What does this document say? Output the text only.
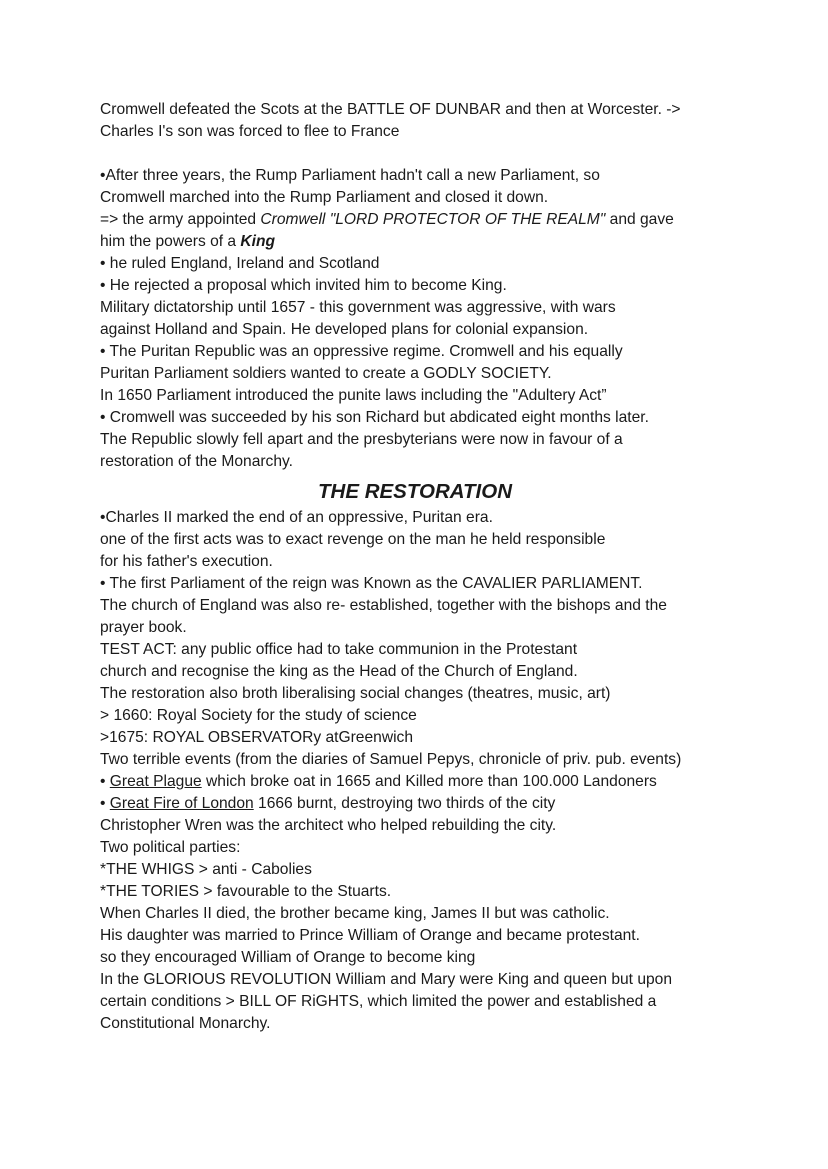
Cromwell defeated the Scots at the BATTLE OF DUNBAR and then at Worcester. ->
Charles I's son was forced to flee to France
•After three years, the Rump Parliament hadn't call a new Parliament, so
Cromwell marched into the Rump Parliament and closed it down.
=> the army appointed Cromwell "LORD PROTECTOR OF THE REALM" and gave
him the powers of a King
• he ruled England, Ireland and Scotland
• He rejected a proposal which invited him to become King.
Military dictatorship until 1657 - this government was aggressive, with wars
against Holland and Spain. He developed plans for colonial expansion.
• The Puritan Republic was an oppressive regime. Cromwell and his equally
Puritan Parliament soldiers wanted to create a GODLY SOCIETY.
In 1650 Parliament introduced the punite laws including the "Adultery Act”
• Cromwell was succeeded by his son Richard but abdicated eight months later.
The Republic slowly fell apart and the presbyterians were now in favour of a
restoration of the Monarchy.
THE RESTORATION
•Charles II marked the end of an oppressive, Puritan era.
one of the first acts was to exact revenge on the man he held responsible
for his father's execution.
• The first Parliament of the reign was Known as the CAVALIER PARLIAMENT.
The church of England was also re- established, together with the bishops and the
prayer book.
TEST ACT: any public office had to take communion in the Protestant
church and recognise the king as the Head of the Church of England.
The restoration also broth liberalising social changes (theatres, music, art)
> 1660: Royal Society for the study of science
>1675: ROYAL OBSERVATORy atGreenwich
Two terrible events (from the diaries of Samuel Pepys, chronicle of priv. pub. events)
• Great Plague which broke oat in 1665 and Killed more than 100.000 Landoners
• Great Fire of London 1666 burnt, destroying two thirds of the city
Christopher Wren was the architect who helped rebuilding the city.
Two political parties:
*THE WHIGS > anti - Cabolies
*THE TORIES > favourable to the Stuarts.
When Charles II died, the brother became king, James II but was catholic.
His daughter was married to Prince William of Orange and became protestant.
so they encouraged William of Orange to become king
In the GLORIOUS REVOLUTION William and Mary were King and queen but upon
certain conditions > BILL OF RiGHTS, which limited the power and established a
Constitutional Monarchy.
